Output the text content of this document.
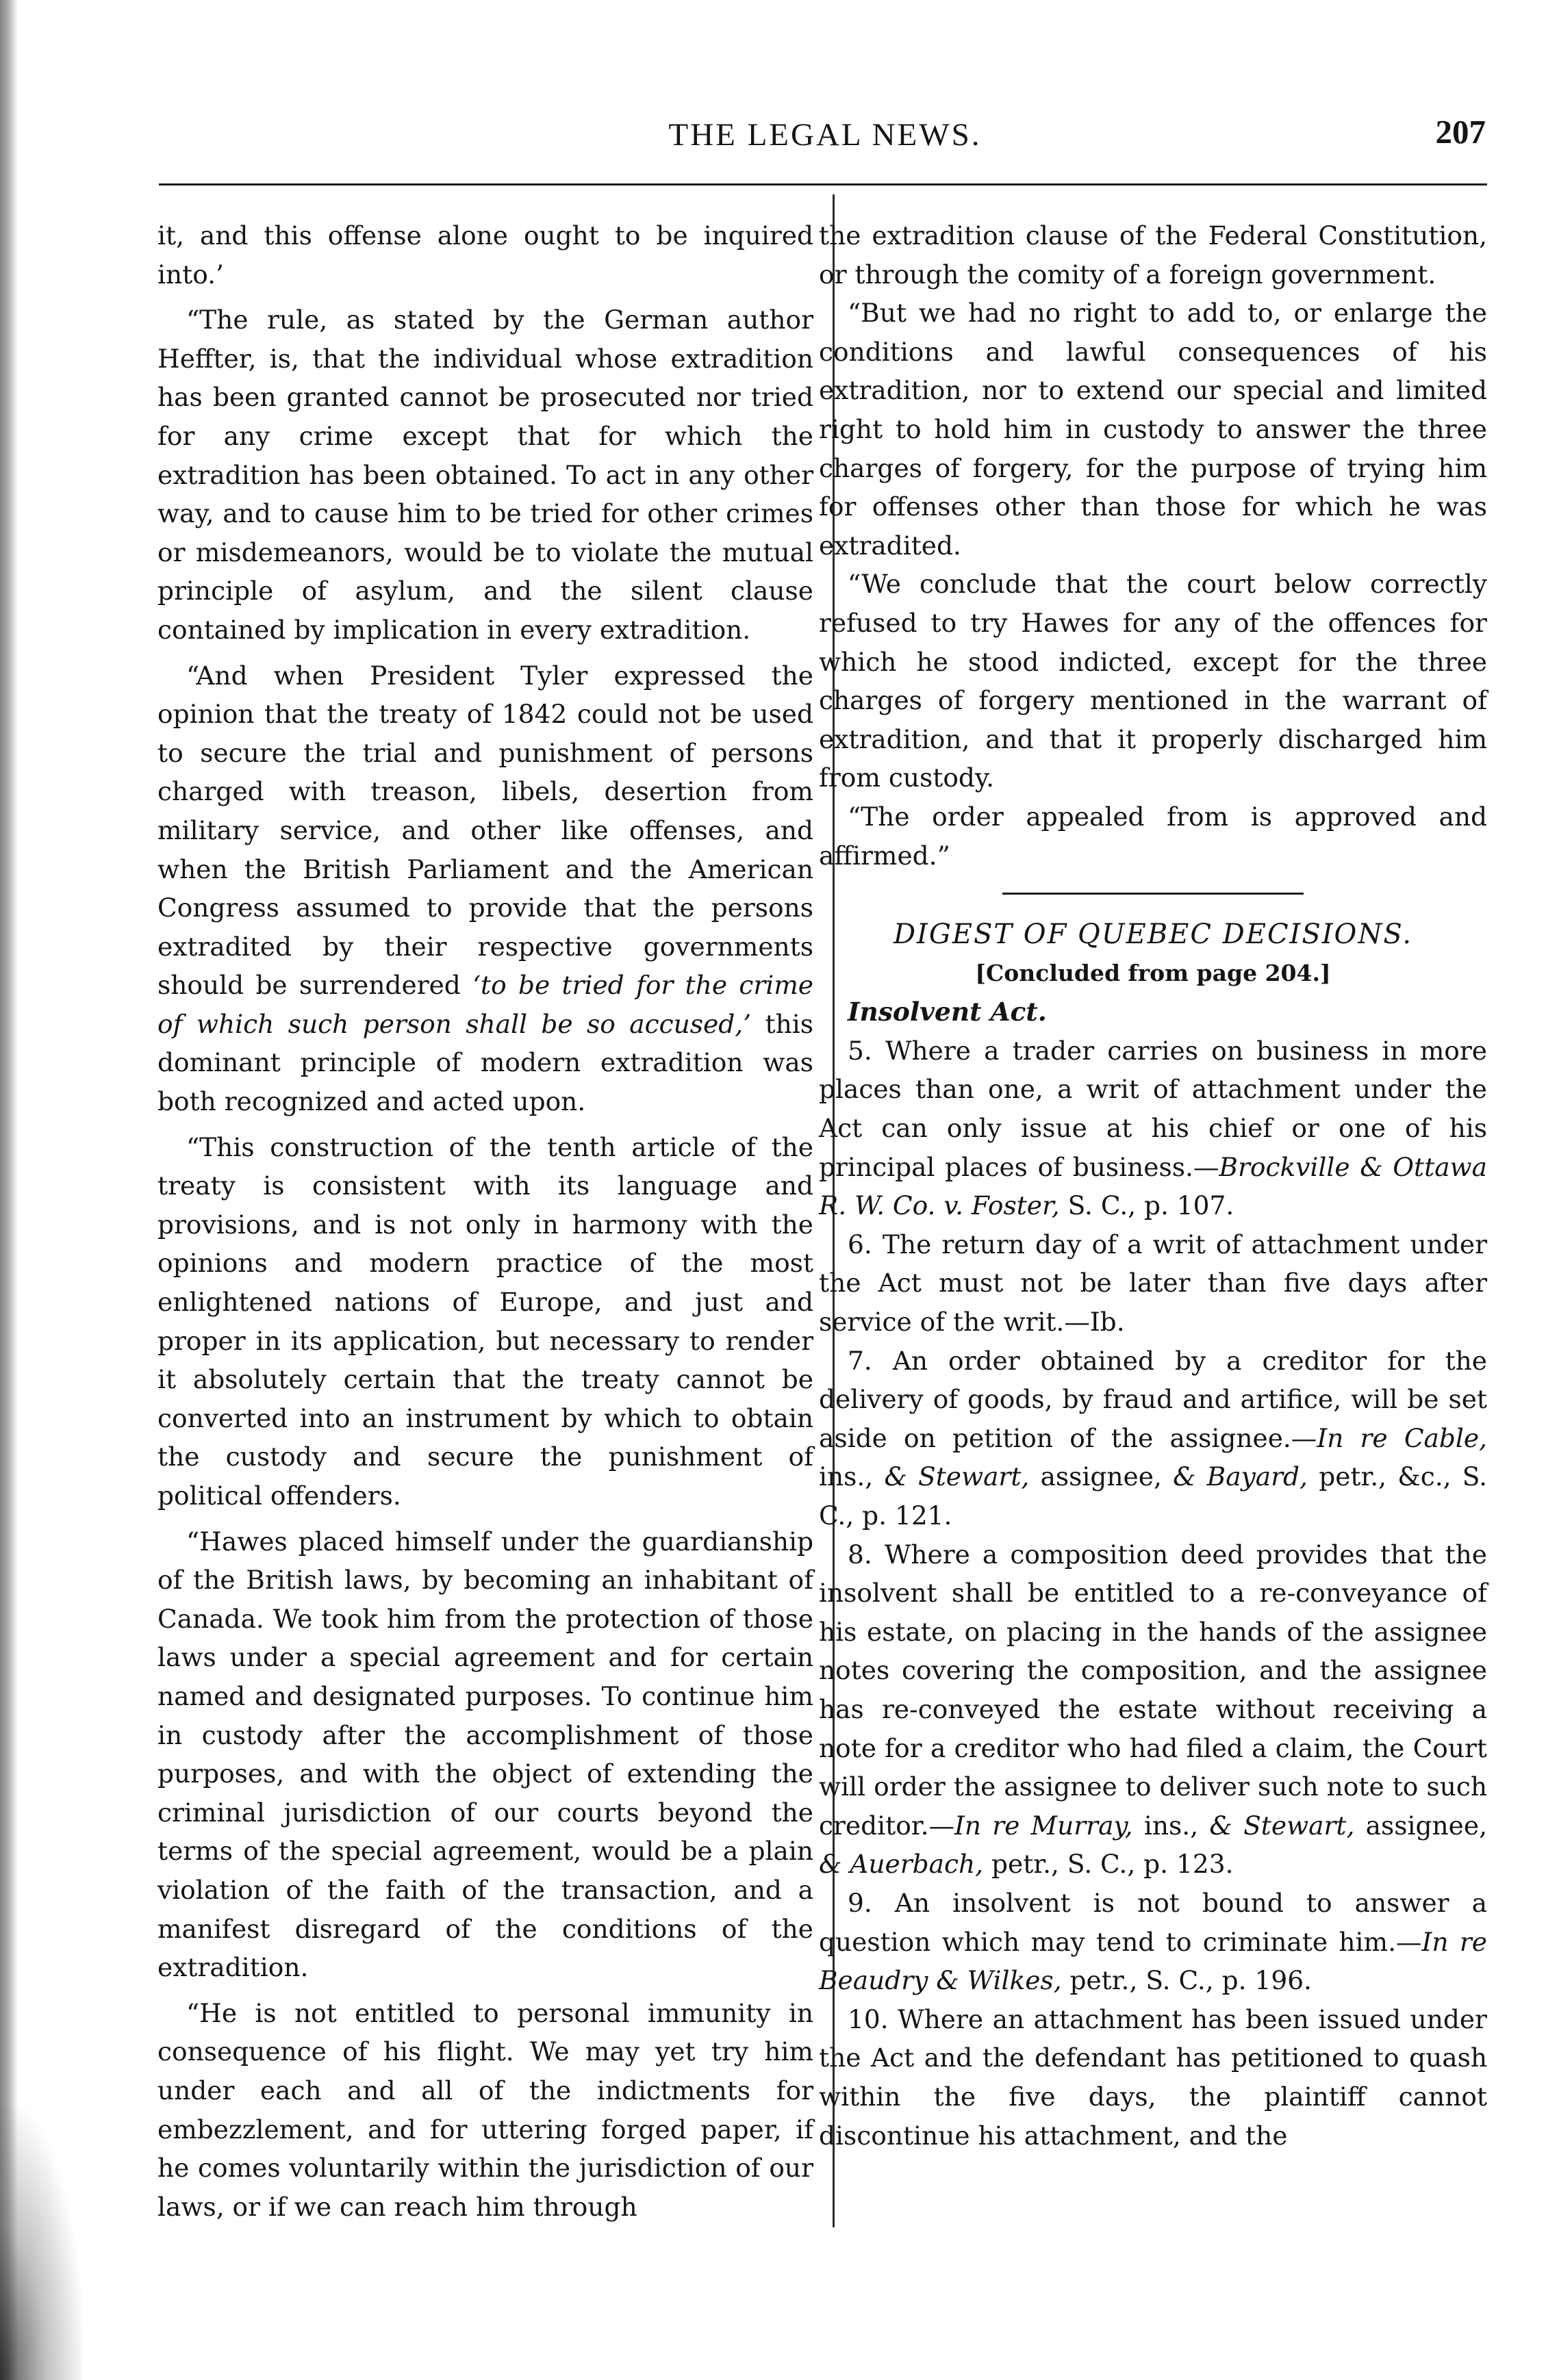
THE LEGAL NEWS.	207

it, and this offense alone ought to be inquired into.’

“The rule, as stated by the German author Heffter, is, that the individual whose extradition has been granted cannot be prosecuted nor tried for any crime except that for which the extradition has been obtained. To act in any other way, and to cause him to be tried for other crimes or misdemeanors, would be to violate the mutual principle of asylum, and the silent clause contained by implication in every extradition.

“And when President Tyler expressed the opinion that the treaty of 1842 could not be used to secure the trial and punishment of persons charged with treason, libels, desertion from military service, and other like offenses, and when the British Parliament and the American Congress assumed to provide that the persons extradited by their respective governments should be surrendered ‘to be tried for the crime of which such person shall be so accused,’ this dominant principle of modern extradition was both recognized and acted upon.

“This construction of the tenth article of the treaty is consistent with its language and provisions, and is not only in harmony with the opinions and modern practice of the most enlightened nations of Europe, and just and proper in its application, but necessary to render it absolutely certain that the treaty cannot be converted into an instrument by which to obtain the custody and secure the punishment of political offenders.

“Hawes placed himself under the guardianship of the British laws, by becoming an inhabitant of Canada. We took him from the protection of those laws under a special agreement and for certain named and designated purposes. To continue him in custody after the accomplishment of those purposes, and with the object of extending the criminal jurisdiction of our courts beyond the terms of the special agreement, would be a plain violation of the faith of the transaction, and a manifest disregard of the conditions of the extradition.

“He is not entitled to personal immunity in consequence of his flight. We may yet try him under each and all of the indictments for embezzlement, and for uttering forged paper, if he comes voluntarily within the jurisdiction of our laws, or if we can reach him through

the extradition clause of the Federal Constitution, or through the comity of a foreign government.

“But we had no right to add to, or enlarge the conditions and lawful consequences of his extradition, nor to extend our special and limited right to hold him in custody to answer the three charges of forgery, for the purpose of trying him for offenses other than those for which he was extradited.

“We conclude that the court below correctly refused to try Hawes for any of the offences for which he stood indicted, except for the three charges of forgery mentioned in the warrant of extradition, and that it properly discharged him from custody.

“The order appealed from is approved and affirmed.”

DIGEST OF QUEBEC DECISIONS.

[Concluded from page 204.]

Insolvent Act.

5. Where a trader carries on business in more places than one, a writ of attachment under the Act can only issue at his chief or one of his principal places of business.—Brockville & Ottawa R. W. Co. v. Foster, S. C., p. 107.

6. The return day of a writ of attachment under the Act must not be later than five days after service of the writ.—Ib.

7. An order obtained by a creditor for the delivery of goods, by fraud and artifice, will be set aside on petition of the assignee.—In re Cable, ins., & Stewart, assignee, & Bayard, petr., &c., S. C., p. 121.

8. Where a composition deed provides that the insolvent shall be entitled to a re-conveyance of his estate, on placing in the hands of the assignee notes covering the composition, and the assignee has re-conveyed the estate without receiving a note for a creditor who had filed a claim, the Court will order the assignee to deliver such note to such creditor.—In re Murray, ins., & Stewart, assignee, & Auerbach, petr., S. C., p. 123.

9. An insolvent is not bound to answer a question which may tend to criminate him.—In re Beaudry & Wilkes, petr., S. C., p. 196.

10. Where an attachment has been issued under the Act and the defendant has petitioned to quash within the five days, the plaintiff cannot discontinue his attachment, and the
